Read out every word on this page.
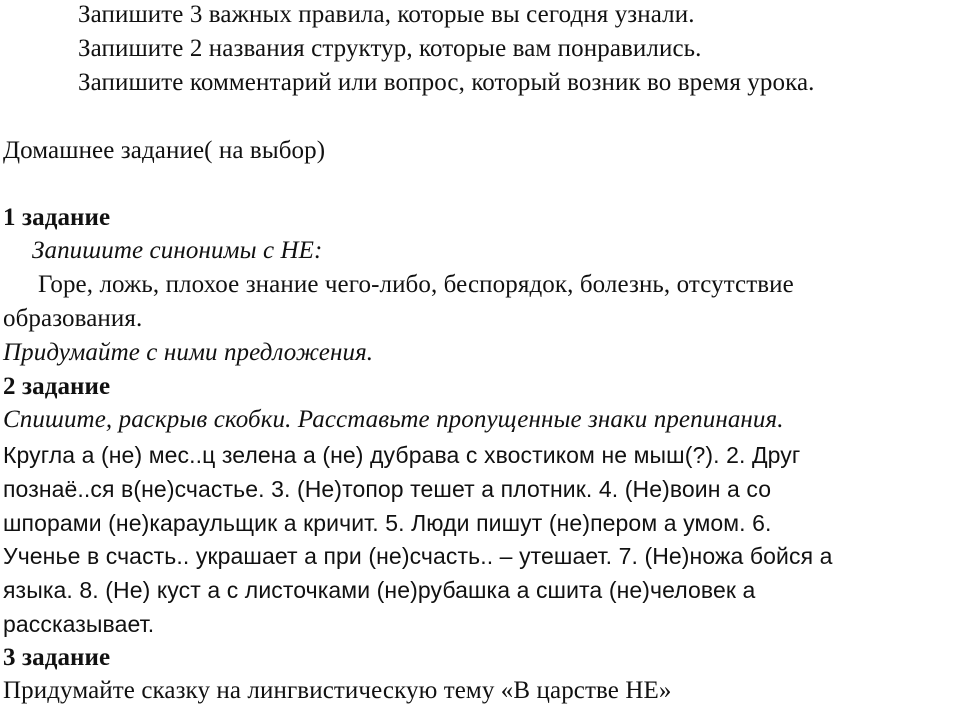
Запишите 3 важных правила, которые вы сегодня узнали.
Запишите 2 названия структур, которые вам понравились.
Запишите комментарий или вопрос, который возник во время урока.
Домашнее задание( на выбор)
1 задание
Запишите синонимы с НЕ:
Горе, ложь, плохое знание чего-либо, беспорядок, болезнь, отсутствие
образования.
Придумайте с ними предложения.
2 задание
Спишите, раскрыв скобки. Расставьте пропущенные знаки препинания.
Кругла а (не) мес..ц зелена а (не) дубрава с хвостиком не мыш(?). 2. Друг
познаё..ся в(не)счастье. 3. (Не)топор тешет а плотник. 4. (Не)воин а со
шпорами (не)караульщик а кричит. 5. Люди пишут (не)пером а умом. 6.
Ученье в счасть.. украшает а при (не)счасть.. – утешает. 7. (Не)ножа бойся а
языка. 8. (Не) куст а с листочками (не)рубашка а сшита (не)человек а
рассказывает.
3 задание
Придумайте сказку на лингвистическую тему «В царстве НЕ»
